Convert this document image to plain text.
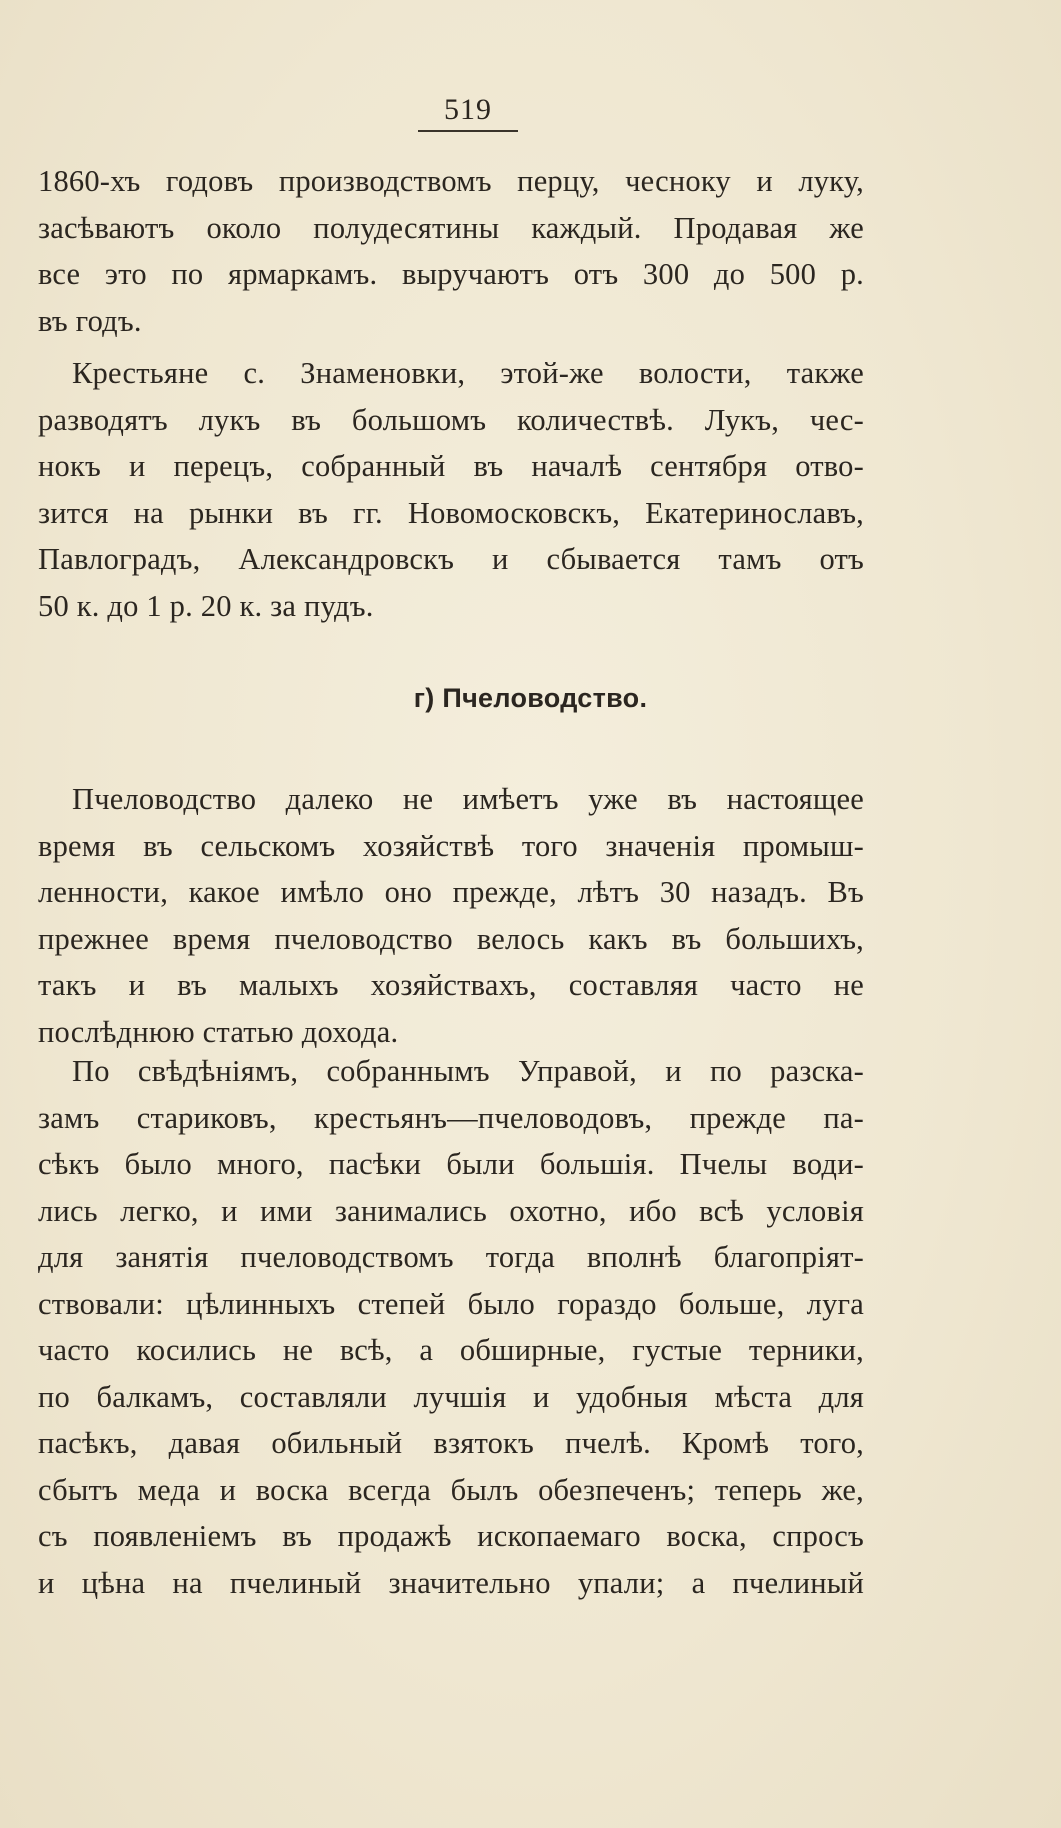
519
1860-хъ годовъ производствомъ перцу, чесноку и луку,
засѣваютъ около полудесятины каждый. Продавая же
все это по ярмаркамъ. выручаютъ отъ 300 до 500 р.
въ годъ.
Крестьяне с. Знаменовки, этой-же волости, также
разводятъ лукъ въ большомъ количествѣ. Лукъ, чес-
нокъ и перецъ, собранный въ началѣ сентября отво-
зится на рынки въ гг. Новомосковскъ, Екатеринославъ,
Павлоградъ, Александровскъ и сбывается тамъ отъ
50 к. до 1 р. 20 к. за пудъ.
г) Пчеловодство.
Пчеловодство далеко не имѣетъ уже въ настоящее
время въ сельскомъ хозяйствѣ того значенія промыш-
ленности, какое имѣло оно прежде, лѣтъ 30 назадъ. Въ
прежнее время пчеловодство велось какъ въ большихъ,
такъ и въ малыхъ хозяйствахъ, составляя часто не
послѣднюю статью дохода.
По свѣдѣніямъ, собраннымъ Управой, и по разска-
замъ стариковъ, крестьянъ—пчеловодовъ, прежде па-
сѣкъ было много, пасѣки были большія. Пчелы води-
лись легко, и ими занимались охотно, ибо всѣ условія
для занятія пчеловодствомъ тогда вполнѣ благопріят-
ствовали: цѣлинныхъ степей было гораздо больше, луга
часто косились не всѣ, а обширные, густые терники,
по балкамъ, составляли лучшія и удобныя мѣста для
пасѣкъ, давая обильный взятокъ пчелѣ. Кромѣ того,
сбытъ меда и воска всегда былъ обезпеченъ; теперь же,
съ появленіемъ въ продажѣ ископаемаго воска, спросъ
и цѣна на пчелиный значительно упали; а пчелиный
